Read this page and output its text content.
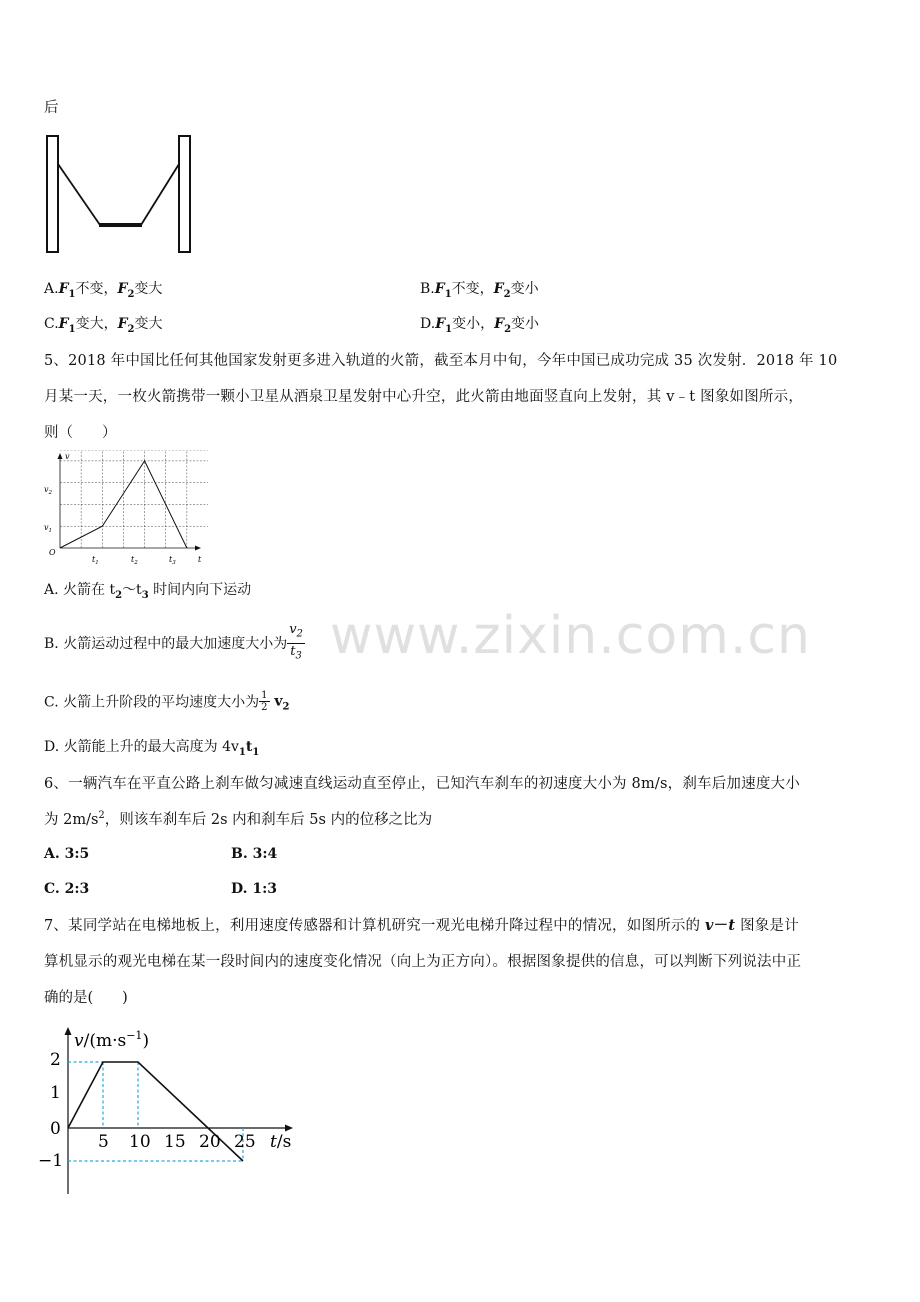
后
$A.F_1$不变，$F_2$变大	$B.F_1$不变，$F_2$变小
$C.F_1$变大，$F_2$变大	$D.F_1$变小，$F_2$变小
5、2018 年中国比任何其他国家发射更多进入轨道的火箭，截至本月中旬，今年中国已成功完成 35 次发射．2018 年 10
月某一天，一枚火箭携带一颗小卫星从酒泉卫星发射中心升空，此火箭由地面竖直向上发射，其 v﹣t 图象如图所示，
则（　　）
v
$v_2$
$v_1$
O
$t_1$	$t_2$	$t_3$	t
A. 火箭在 $t_2\sim t_3$ 时间内向下运动
B. 火箭运动过程中的最大加速度大小为 $\frac{v_2}{t_3}$
C. 火箭上升阶段的平均速度大小为 $\frac{1}{2} v_2$
D. 火箭能上升的最大高度为 $4v_1t_1$
www.zixin.com.cn
6、一辆汽车在平直公路上刹车做匀减速直线运动直至停止，已知汽车刹车的初速度大小为 8m/s，刹车后加速度大小
为 $2m/s^2$，则该车刹车后 2s 内和刹车后 5s 内的位移之比为
A. 3:5	B. 3:4
C. 2:3	D. 1:3
7、某同学站在电梯地板上，利用速度传感器和计算机研究一观光电梯升降过程中的情况，如图所示的 v－t 图象是计
算机显示的观光电梯在某一段时间内的速度变化情况（向上为正方向）。根据图象提供的信息，可以判断下列说法中正
确的是(　　)
$v/(m\cdot s^{-1})$
2
1
0
−1
5 10 15 20 25 t/s
